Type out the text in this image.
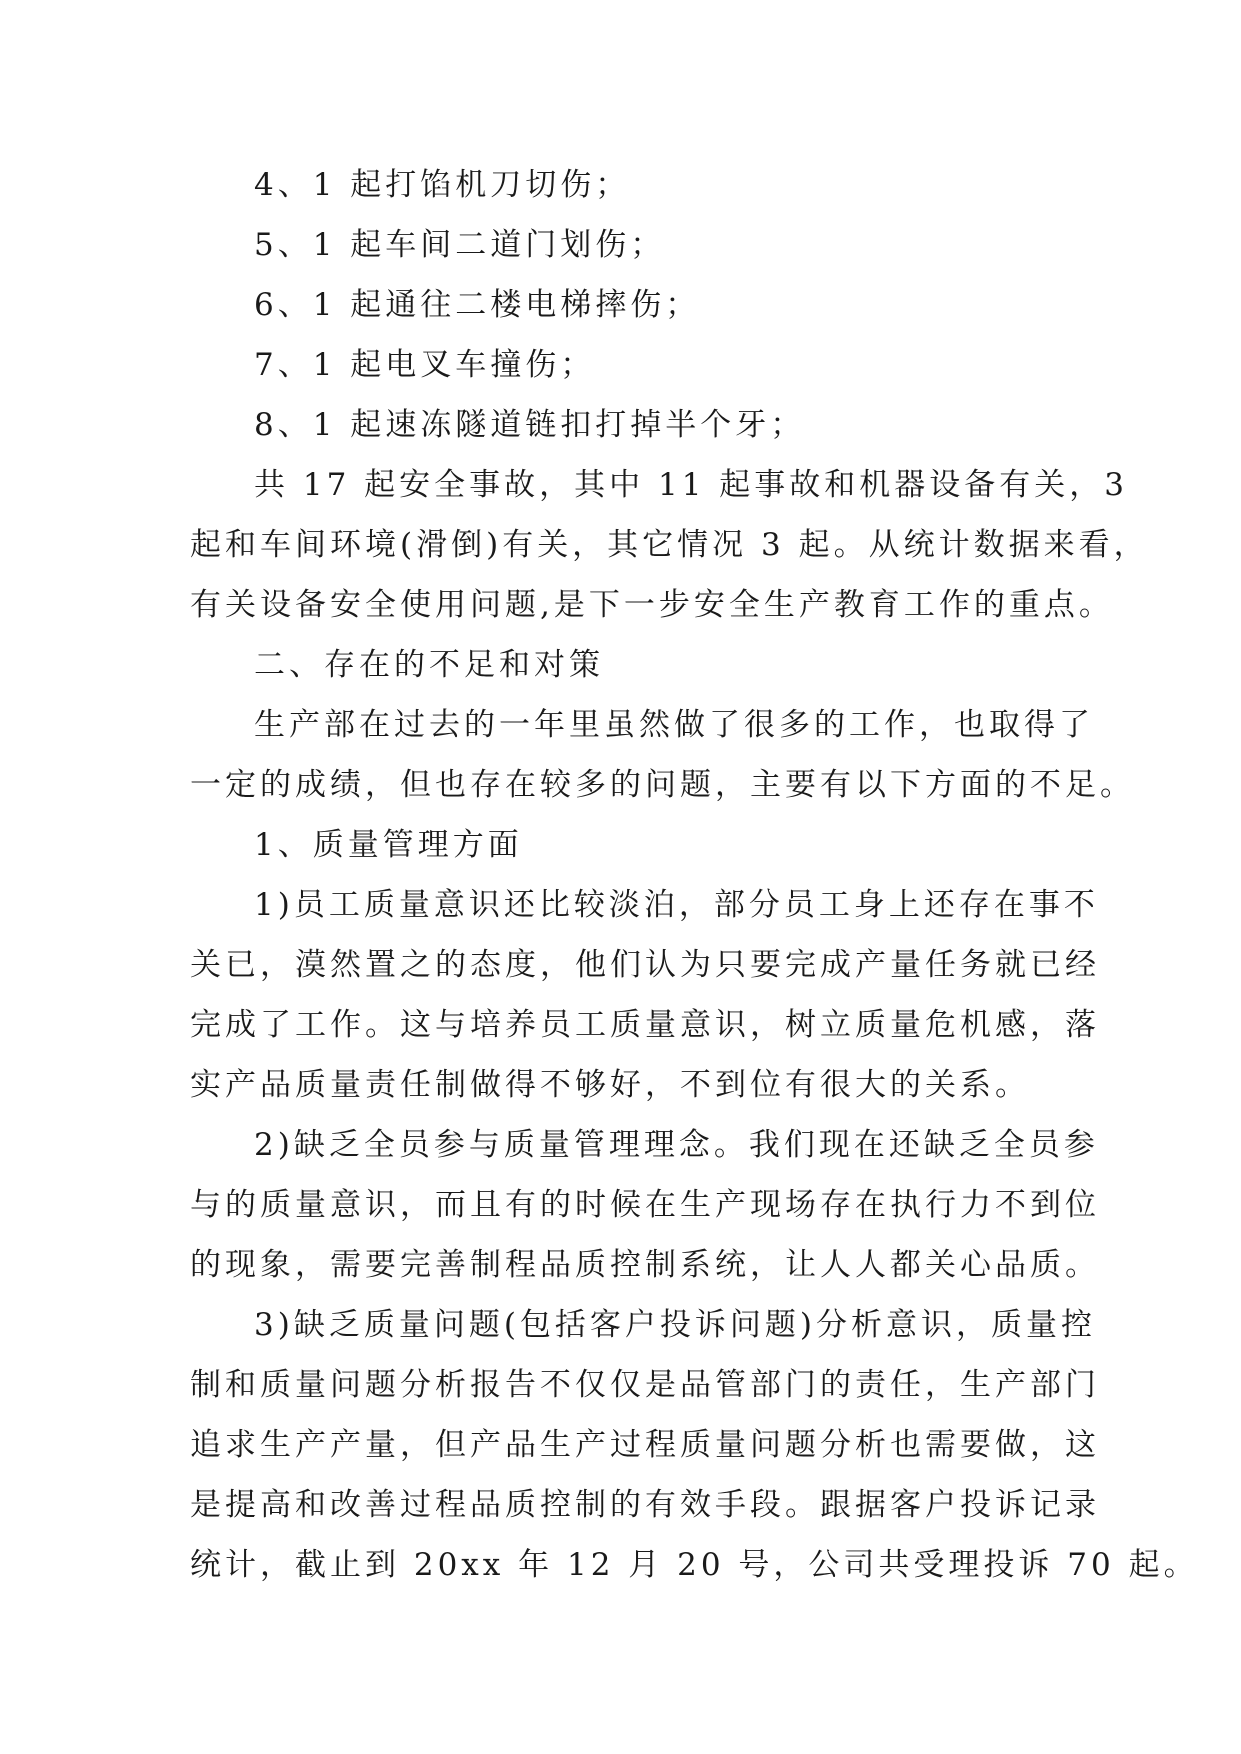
4、1 起打馅机刀切伤；
5、1 起车间二道门划伤；
6、1 起通往二楼电梯摔伤；
7、1 起电叉车撞伤；
8、1 起速冻隧道链扣打掉半个牙；
共 17 起安全事故，其中 11 起事故和机器设备有关，3
起和车间环境(滑倒)有关，其它情况 3 起。从统计数据来看，
有关设备安全使用问题,是下一步安全生产教育工作的重点。
二、存在的不足和对策
生产部在过去的一年里虽然做了很多的工作，也取得了
一定的成绩，但也存在较多的问题，主要有以下方面的不足。
1、质量管理方面
1)员工质量意识还比较淡泊，部分员工身上还存在事不
关已，漠然置之的态度，他们认为只要完成产量任务就已经
完成了工作。这与培养员工质量意识，树立质量危机感，落
实产品质量责任制做得不够好，不到位有很大的关系。
2)缺乏全员参与质量管理理念。我们现在还缺乏全员参
与的质量意识，而且有的时候在生产现场存在执行力不到位
的现象，需要完善制程品质控制系统，让人人都关心品质。
3)缺乏质量问题(包括客户投诉问题)分析意识，质量控
制和质量问题分析报告不仅仅是品管部门的责任，生产部门
追求生产产量，但产品生产过程质量问题分析也需要做，这
是提高和改善过程品质控制的有效手段。跟据客户投诉记录
统计，截止到 20xx 年 12 月 20 号，公司共受理投诉 70 起。
